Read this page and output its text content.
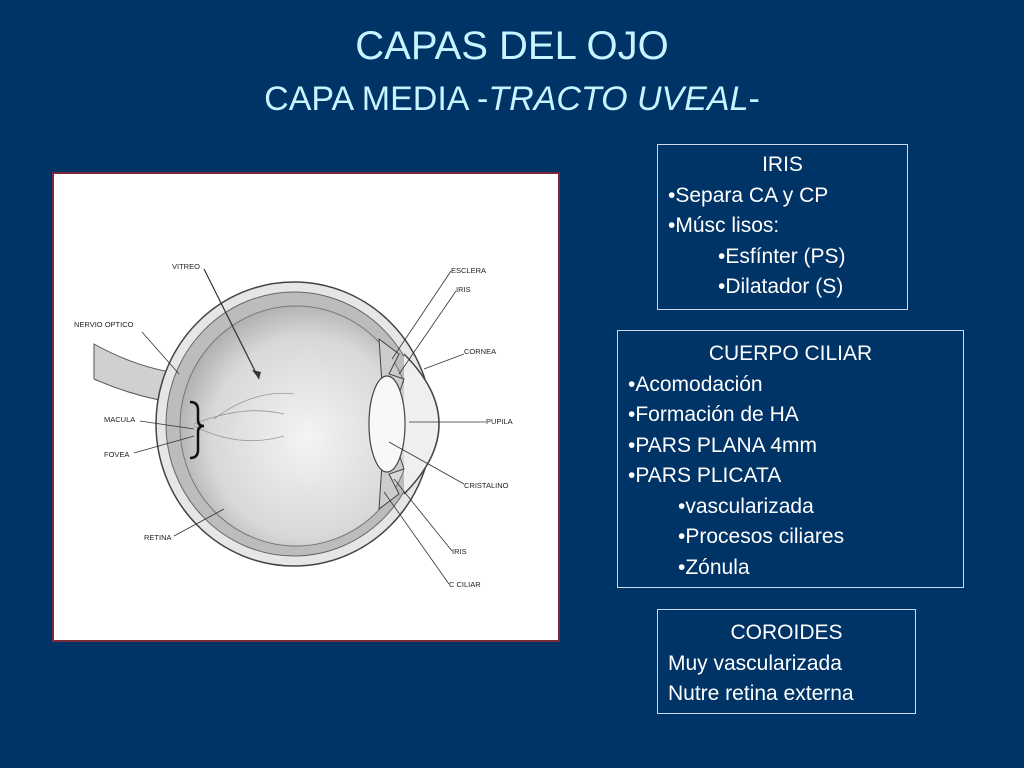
CAPAS DEL OJO
CAPA MEDIA -TRACTO UVEAL-
VITREO
NERVIO OPTICO
MACULA
FOVEA
RETINA
ESCLERA
IRIS
CORNEA
PUPILA
CRISTALINO
IRIS
C CILIAR
IRIS
•Separa CA y CP
•Músc lisos:
•Esfínter (PS)
•Dilatador (S)
CUERPO CILIAR
•Acomodación
•Formación de HA
•PARS PLANA 4mm
•PARS PLICATA
•vascularizada
•Procesos ciliares
•Zónula
COROIDES
Muy vascularizada
Nutre retina externa
